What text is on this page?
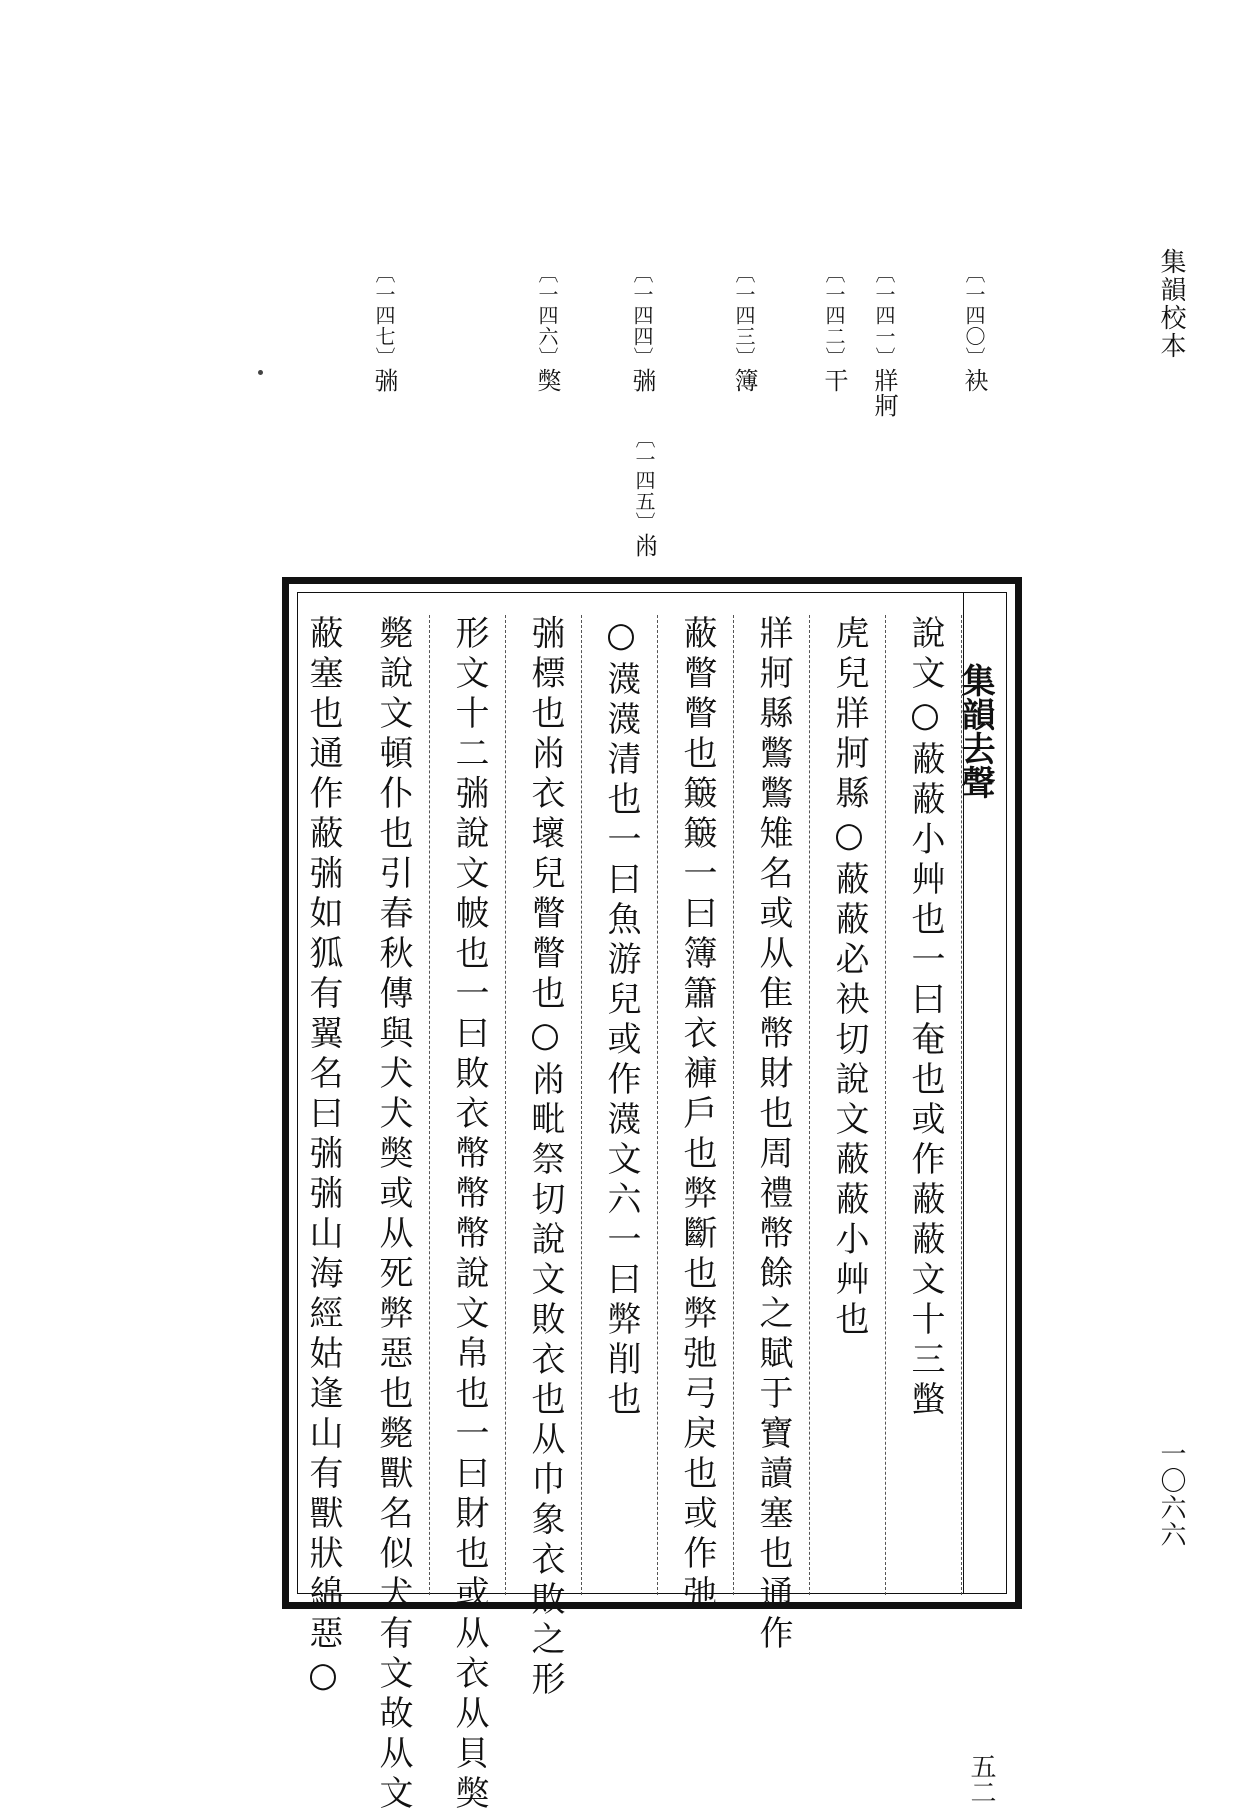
集韻校本
一〇六六
〔一四〇〕袂
〔一四一〕牂牁
〔一四二〕干
〔一四三〕簿
〔一四四〕㢼
〔一四五〕㡀
〔一四六〕獘
〔一四七〕㢼
集韻去聲
五二
說文○蔽蔽小艸也一曰奄也或作蔽蔽文十三蟞
虎兒牂牁縣○蔽蔽必袂切說文蔽蔽小艸也
牂牁縣鷩鷩雉名或从隹幣財也周禮幣餘之賦于寶讀塞也通作
蔽瞥瞥也簸簸一曰簿簫衣褲戶也弊斷也弊弛弓戾也或作弛
○瀎瀎清也一曰魚游兒或作瀎文六一曰弊削也
㢼標也㡀衣壞兒瞥瞥也○㡀毗祭切說文敗衣也从巾象衣敗之形
形文十二㢼說文帔也一曰敗衣幣幣幣說文帛也一曰財也或从衣从貝獘
斃說文頓仆也引春秋傳與犬犬獘或从死弊惡也斃獸名似犬有文故从文
蔽塞也通作蔽㢼如狐有翼名曰㢼㢼山海經姑逢山有獸狀綿惡○
